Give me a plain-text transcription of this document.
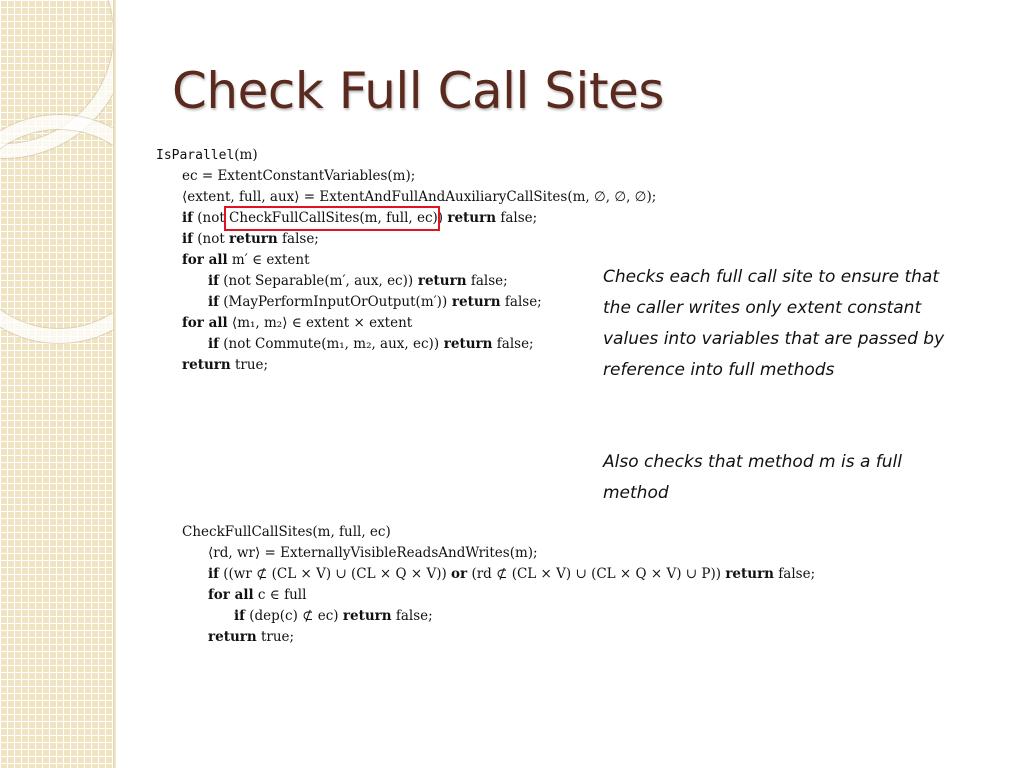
Check Full Call Sites
IsParallel(m)
ec = ExtentConstantVariables(m);
⟨extent, full, aux⟩ = ExtentAndFullAndAuxiliaryCallSites(m, ∅, ∅, ∅);
if (not CheckFullCallSites(m, full, ec)) return false;
if (not return false;
for all m′ ∈ extent
if (not Separable(m′, aux, ec)) return false;
if (MayPerformInputOrOutput(m′)) return false;
for all ⟨m₁, m₂⟩ ∈ extent × extent
if (not Commute(m₁, m₂, aux, ec)) return false;
return true;
CheckFullCallSites(m, full, ec)
⟨rd, wr⟩ = ExternallyVisibleReadsAndWrites(m);
if ((wr ⊄ (CL × V) ∪ (CL × Q × V)) or (rd ⊄ (CL × V) ∪ (CL × Q × V) ∪ P)) return false;
for all c ∈ full
if (dep(c) ⊄ ec) return false;
return true;
Checks each full call site to ensure that the caller writes only extent constant values into variables that are passed by reference into full methods
Also checks that method m is a full method
